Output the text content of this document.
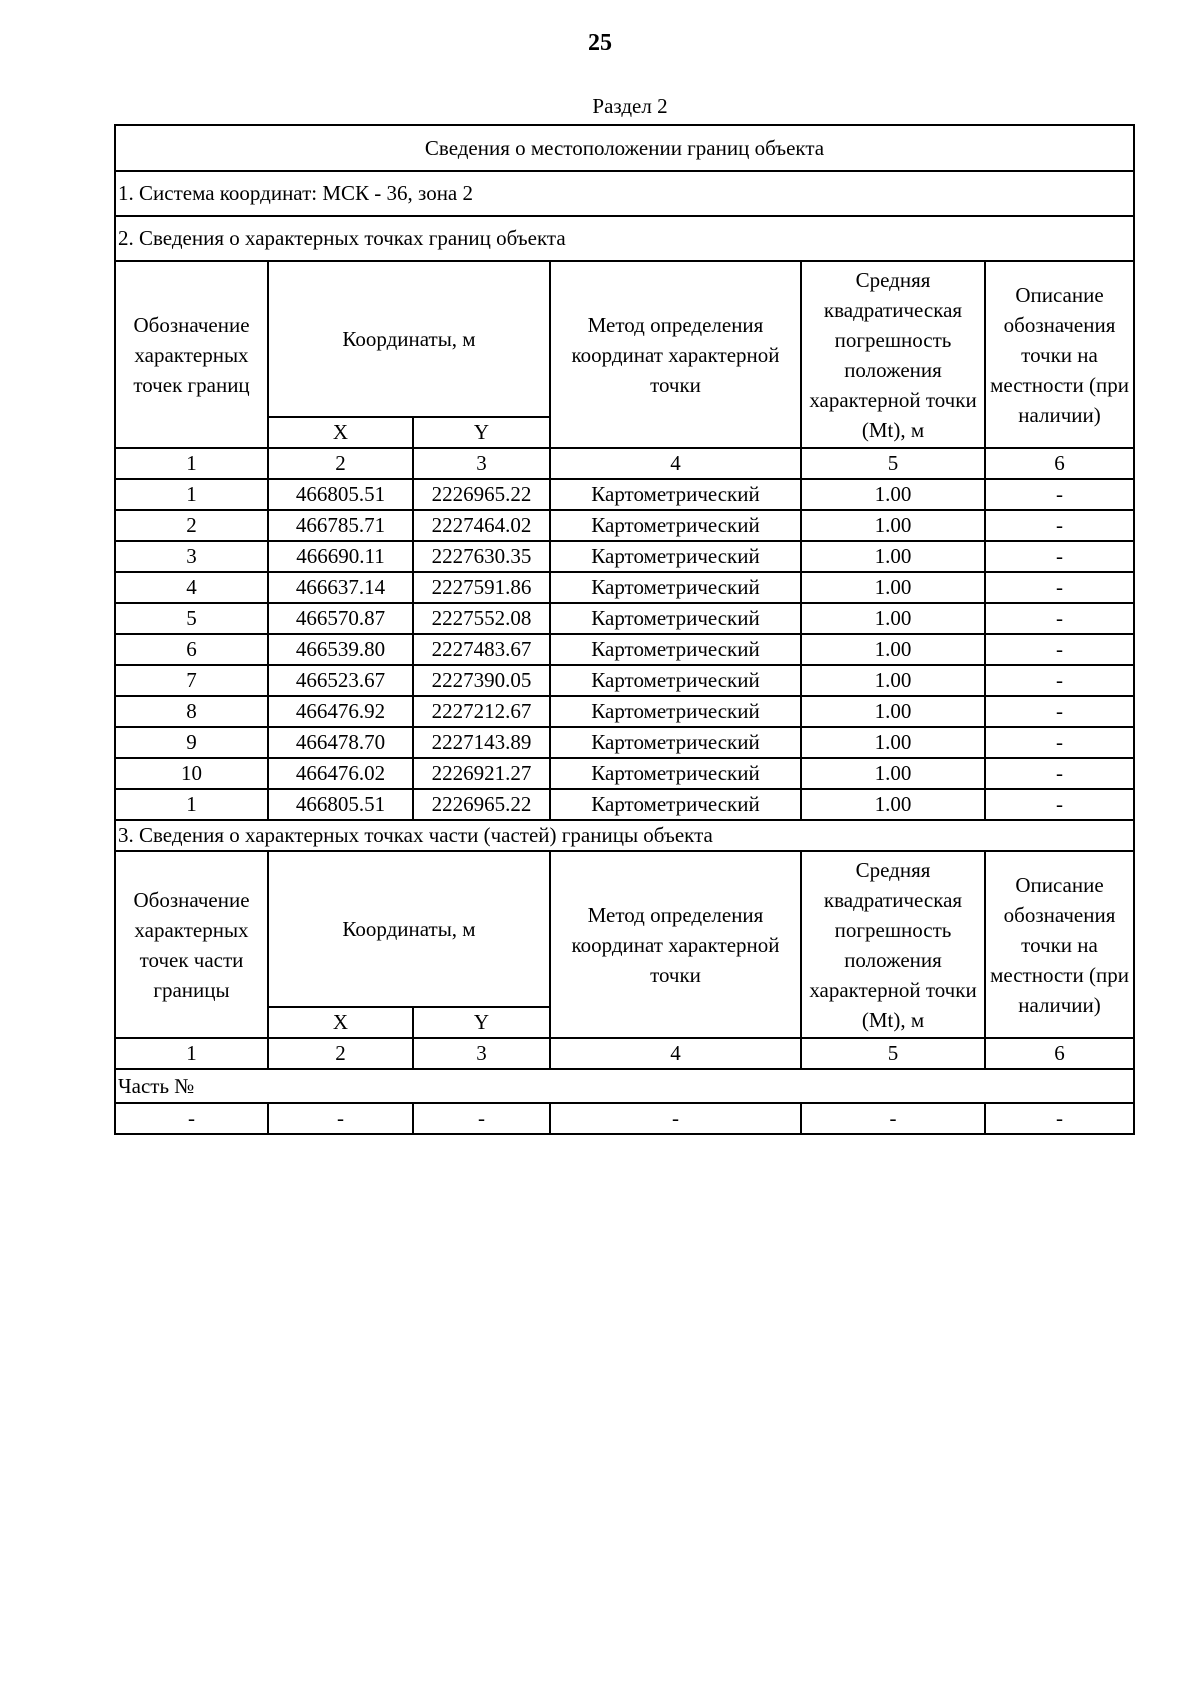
25
Раздел 2
Сведения о местоположении границ объекта					
1. Система координат: МСК - 36, зона 2					
2. Сведения о характерных точках границ объекта					
Обозначение характерных точек границ	Координаты, м		Метод определения координат характерной точки	Средняя квадратическая погрешность положения характерной точки (Mt), м	Описание обозначения точки на местности (при наличии)
	X	Y			
1	2	3	4	5	6
1	466805.51	2226965.22	Картометрический	1.00	-
2	466785.71	2227464.02	Картометрический	1.00	-
3	466690.11	2227630.35	Картометрический	1.00	-
4	466637.14	2227591.86	Картометрический	1.00	-
5	466570.87	2227552.08	Картометрический	1.00	-
6	466539.80	2227483.67	Картометрический	1.00	-
7	466523.67	2227390.05	Картометрический	1.00	-
8	466476.92	2227212.67	Картометрический	1.00	-
9	466478.70	2227143.89	Картометрический	1.00	-
10	466476.02	2226921.27	Картометрический	1.00	-
1	466805.51	2226965.22	Картометрический	1.00	-
3. Сведения о характерных точках части (частей) границы объекта					
Обозначение характерных точек части границы	Координаты, м		Метод определения координат характерной точки	Средняя квадратическая погрешность положения характерной точки (Mt), м	Описание обозначения точки на местности (при наличии)
	X	Y			
1	2	3	4	5	6
Часть №					
-	-	-	-	-	-
